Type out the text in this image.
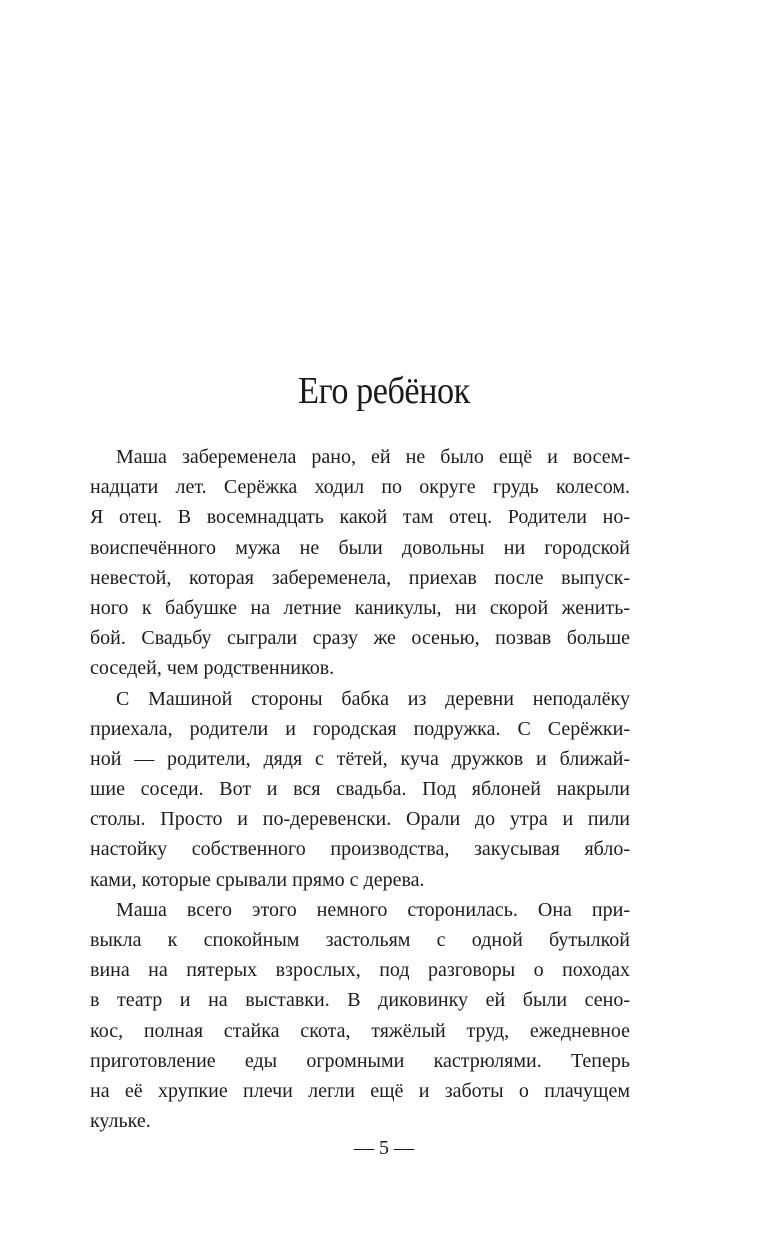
Его ребёнок
Маша забеременела рано, ей не было ещё и восем-
надцати лет. Серёжка ходил по округе грудь колесом.
Я отец. В восемнадцать какой там отец. Родители но-
воиспечённого мужа не были довольны ни городской
невестой, которая забеременела, приехав после выпуск-
ного к бабушке на летние каникулы, ни скорой женить-
бой. Свадьбу сыграли сразу же осенью, позвав больше
соседей, чем родственников.
С Машиной стороны бабка из деревни неподалёку
приехала, родители и городская подружка. С Серёжки-
ной — родители, дядя с тётей, куча дружков и ближай-
шие соседи. Вот и вся свадьба. Под яблоней накрыли
столы. Просто и по-деревенски. Орали до утра и пили
настойку собственного производства, закусывая ябло-
ками, которые срывали прямо с дерева.
Маша всего этого немного сторонилась. Она при-
выкла к спокойным застольям с одной бутылкой
вина на пятерых взрослых, под разговоры о походах
в театр и на выставки. В диковинку ей были сено-
кос, полная стайка скота, тяжёлый труд, ежедневное
приготовление еды огромными кастрюлями. Теперь
на её хрупкие плечи легли ещё и заботы о плачущем
кульке.
— 5 —
